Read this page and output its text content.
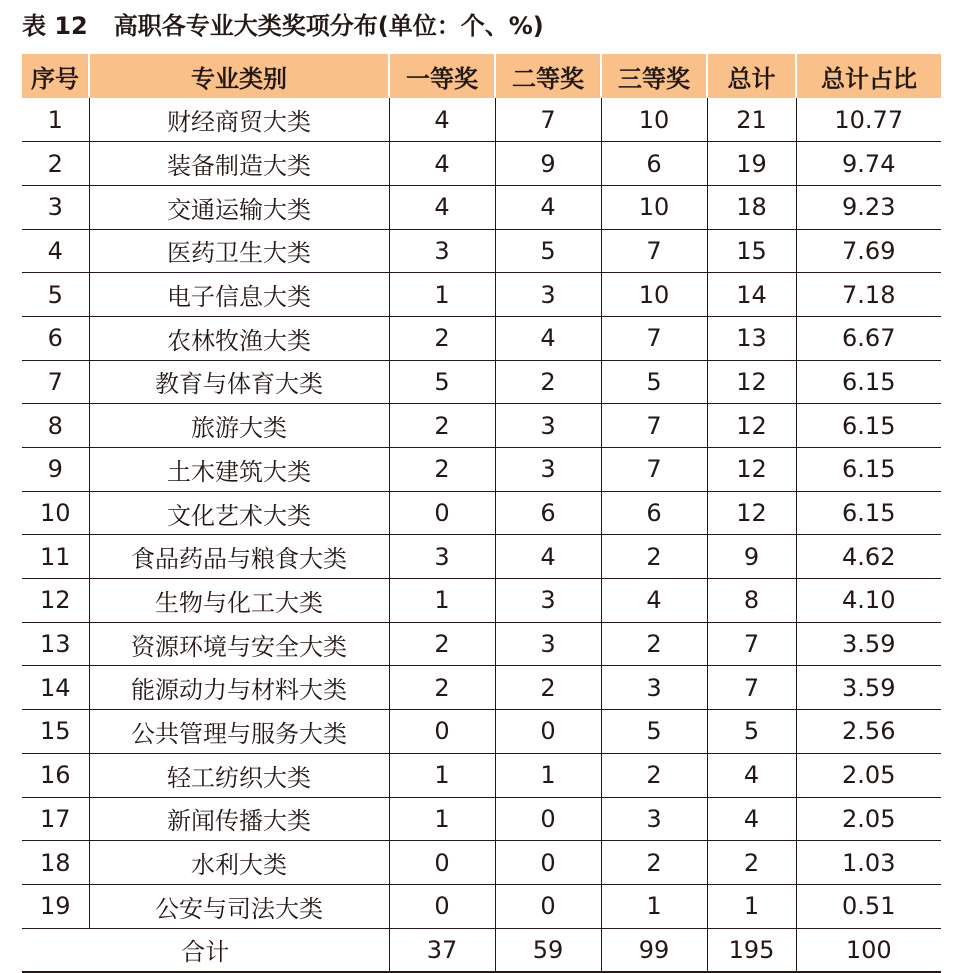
表 12 高职各专业大类奖项分布(单位：个、%)
序号	专业类别	一等奖	二等奖	三等奖	总计	总计占比
1	财经商贸大类	4	7	10	21	10.77
2	装备制造大类	4	9	6	19	9.74
3	交通运输大类	4	4	10	18	9.23
4	医药卫生大类	3	5	7	15	7.69
5	电子信息大类	1	3	10	14	7.18
6	农林牧渔大类	2	4	7	13	6.67
7	教育与体育大类	5	2	5	12	6.15
8	旅游大类	2	3	7	12	6.15
9	土木建筑大类	2	3	7	12	6.15
10	文化艺术大类	0	6	6	12	6.15
11	食品药品与粮食大类	3	4	2	9	4.62
12	生物与化工大类	1	3	4	8	4.10
13	资源环境与安全大类	2	3	2	7	3.59
14	能源动力与材料大类	2	2	3	7	3.59
15	公共管理与服务大类	0	0	5	5	2.56
16	轻工纺织大类	1	1	2	4	2.05
17	新闻传播大类	1	0	3	4	2.05
18	水利大类	0	0	2	2	1.03
19	公安与司法大类	0	0	1	1	0.51
合计		37	59	99	195	100
